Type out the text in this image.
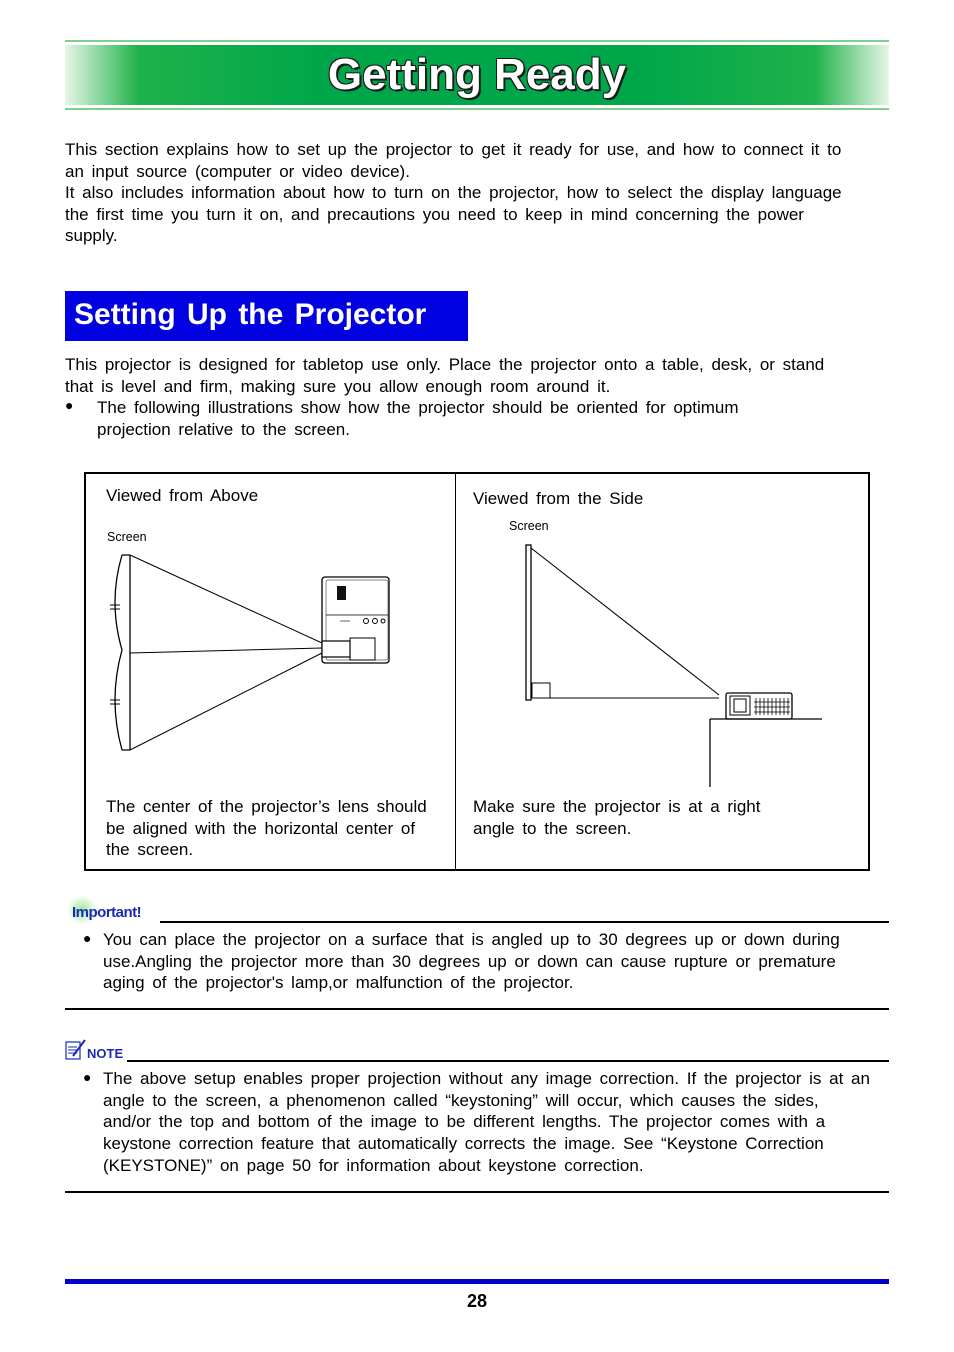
Getting Ready

This section explains how to set up the projector to get it ready for use, and how to connect it to an input source (computer or video device).

It also includes information about how to turn on the projector, how to select the display language the first time you turn it on, and precautions you need to keep in mind concerning the power supply.

Setting Up the Projector

This projector is designed for tabletop use only. Place the projector onto a table, desk, or stand that is level and firm, making sure you allow enough room around it.

● The following illustrations show how the projector should be oriented for optimum projection relative to the screen.

Viewed from Above

Screen

The center of the projector’s lens should be aligned with the horizontal center of the screen.

Viewed from the Side

Screen

Make sure the projector is at a right angle to the screen.

Important!
● You can place the projector on a surface that is angled up to 30 degrees up or down during use.Angling the projector more than 30 degrees up or down can cause rupture or premature aging of the projector's lamp,or malfunction of the projector.

NOTE
● The above setup enables proper projection without any image correction. If the projector is at an angle to the screen, a phenomenon called “keystoning” will occur, which causes the sides, and/or the top and bottom of the image to be different lengths. The projector comes with a keystone correction feature that automatically corrects the image. See “Keystone Correction (KEYSTONE)” on page 50 for information about keystone correction.

28
